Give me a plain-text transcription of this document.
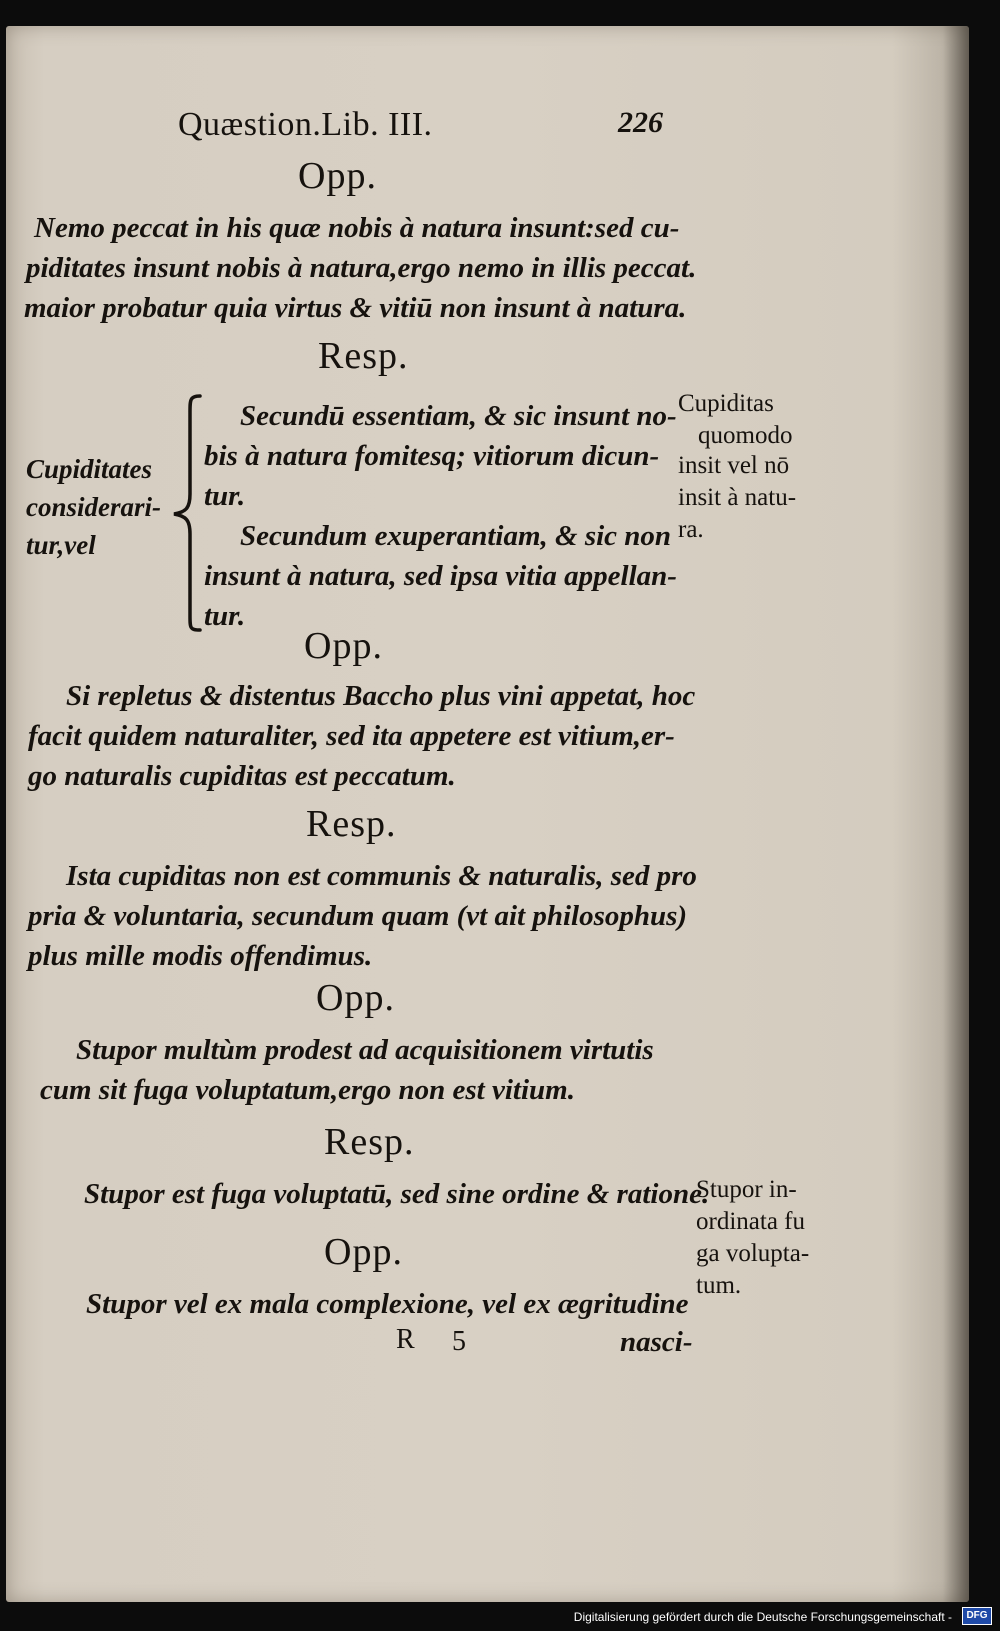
Quæstion.Lib. III.	226
Opp.
Nemo peccat in his quæ nobis à natura insunt:sed cu-
piditates insunt nobis à natura,ergo nemo in illis peccat.
maior probatur quia virtus & vitiū non insunt à natura.
Resp.
Cupiditates
considerari-
tur,vel
Secundū essentiam, & sic insunt no-
bis à natura fomitesq; vitiorum dicun-
tur.
Secundum exuperantiam, & sic non
insunt à natura, sed ipsa vitia appellan-
tur.
Cupiditas
quomodo
insit vel nō
insit à natu-
ra.
Opp.
Si repletus & distentus Baccho plus vini appetat, hoc
facit quidem naturaliter, sed ita appetere est vitium,er-
go naturalis cupiditas est peccatum.
Resp.
Ista cupiditas non est communis & naturalis, sed pro
pria & voluntaria, secundum quam (vt ait philosophus)
plus mille modis offendimus.
Opp.
Stupor multùm prodest ad acquisitionem virtutis
cum sit fuga voluptatum,ergo non est vitium.
Resp.
Stupor est fuga voluptatū, sed sine ordine & ratione.
Stupor in-
ordinata fu
ga volupta-
tum.
Opp.
Stupor vel ex mala complexione, vel ex ægritudine
R 5	nasci-
Digitalisierung gefördert durch die Deutsche Forschungsgemeinschaft -	DFG
